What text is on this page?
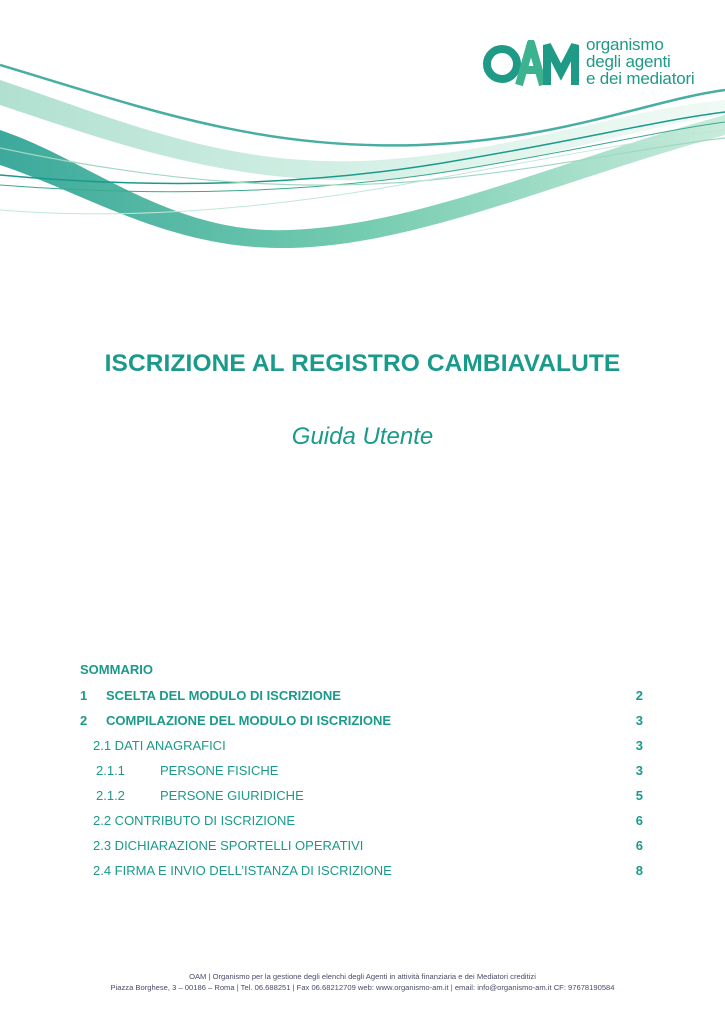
organismo
degli agenti
e dei mediatori
ISCRIZIONE AL REGISTRO CAMBIAVALUTE
Guida Utente
SOMMARIO
1 SCELTA DEL MODULO DI ISCRIZIONE	2
2 COMPILAZIONE DEL MODULO DI ISCRIZIONE	3
2.1 DATI ANAGRAFICI	3
2.1.1	PERSONE FISICHE	3
2.1.2	PERSONE GIURIDICHE	5
2.2 CONTRIBUTO DI ISCRIZIONE	6
2.3 DICHIARAZIONE SPORTELLI OPERATIVI	6
2.4 FIRMA E INVIO DELL’ISTANZA DI ISCRIZIONE	8
OAM | Organismo per la gestione degli elenchi degli Agenti in attività finanziaria e dei Mediatori creditizi
Piazza Borghese, 3 – 00186 – Roma | Tel. 06.688251 | Fax 06.68212709 web: www.organismo-am.it | email: info@organismo-am.it CF: 97678190584
